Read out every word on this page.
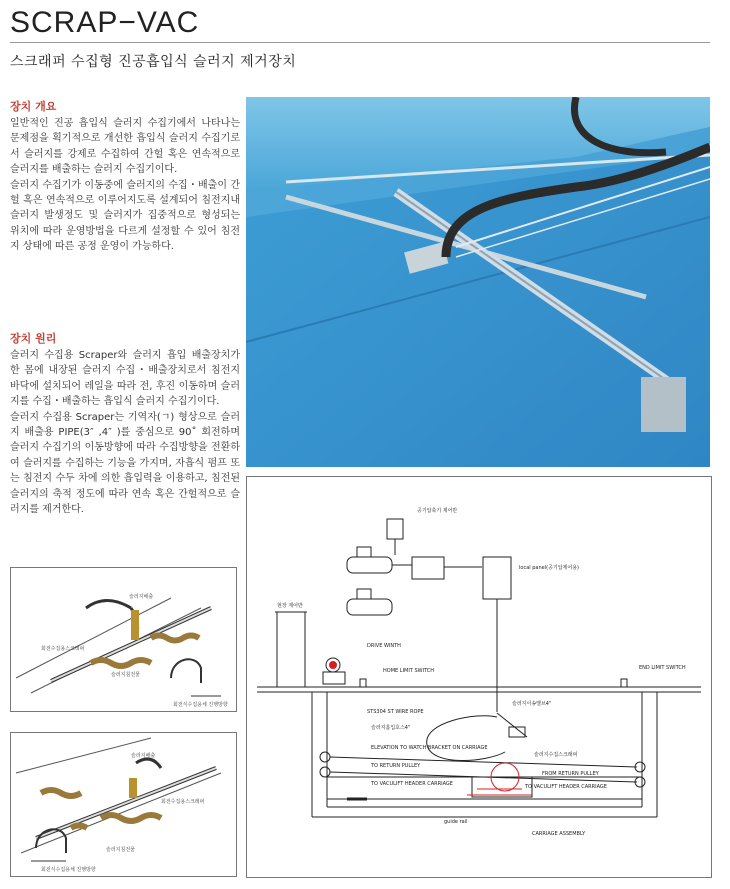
SCRAP−VAC
스크래퍼 수집형 진공흡입식 슬러지 제거장치
장치 개요

일반적인 진공 흡입식 슬러지 수집기에서 나타나는 문제점을 획기적으로 개선한 흡입식 슬러지 수집기로서 슬러지를 강제로 수집하여 간헐 혹은 연속적으로 슬러지를 배출하는 슬러지 수집기이다.

슬러지 수집기가 이동중에 슬러지의 수집・배출이 간헐 혹은 연속적으로 이루어지도록 설계되어 침전지내 슬러지 발생정도 및 슬러지가 집중적으로 형성되는 위치에 따라 운영방법을 다르게 설정할 수 있어 침전지 상태에 따른 공정 운영이 가능하다.

장치 원리

슬러지 수집용 Scraper와 슬러지 흡입 배출장치가 한 몸에 내장된 슬러지 수집・배출장치로서 침전지 바닥에 설치되어 레일을 따라 전, 후진 이동하며 슬러지를 수집・배출하는 흡입식 슬러지 수집기이다.

슬러지 수집용 Scraper는 기역자(ㄱ) 형상으로 슬러지 배출용 PIPE(3″ ,4″ )를 중심으로 90˚ 회전하며 슬러지 수집기의 이동방향에 따라 수집방향을 전환하여 슬러지를 수집하는 기능을 가지며, 자흡식 펌프 또는 침전지 수두 차에 의한 흡입력을 이용하고, 침전된 슬러지의 축적 정도에 따라 연속 혹은 간헐적으로 슬러지를 제거한다.

슬러지배출
회전수집용스크레퍼
슬러지침전물
회전식수집용체 진행방향
슬러지배출
회전수집용스크레퍼
슬러지침전물
회전식수집용체 진행방향
공기압축기 제어반
local panel(공기압제어용)
현장 제어반
DRIVE WINTH
HOME LIMIT SWITCH	END LIMIT SWITCH
STS304 ST WIRE ROPE
슬러지이송밸브4"
슬러지흡입호스4"
ELEVATION TO WATCH BRACKET ON CARRIAGE
TO RETURN PULLEY
TO VACULIFT HEADER CARRIAGE
슬러지수집스크래퍼
FROM RETURN PULLEY
TO VACULIFT HEADER CARRIAGE
guide rail
CARRIAGE ASSEMBLY
